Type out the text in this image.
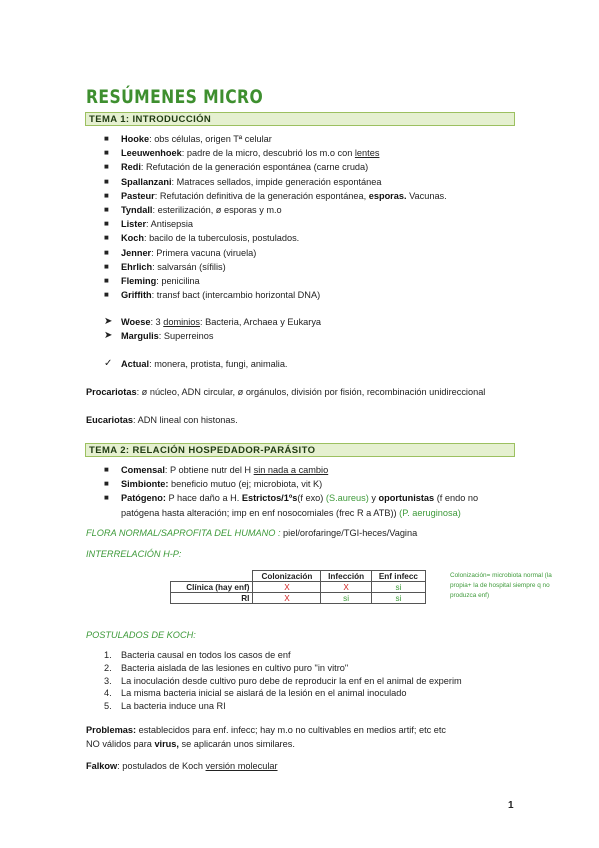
RESÚMENES MICRO
TEMA 1: INTRODUCCIÓN
■ Hooke: obs células, origen Tª celular
■ Leeuwenhoek: padre de la micro, descubrió los m.o con lentes
■ Redi: Refutación de la generación espontánea (carne cruda)
■ Spallanzani: Matraces sellados, impide generación espontánea
■ Pasteur: Refutación definitiva de la generación espontánea, esporas. Vacunas.
■ Tyndall: esterilización, ø esporas y m.o
■ Lister: Antisepsia
■ Koch: bacilo de la tuberculosis, postulados.
■ Jenner: Primera vacuna (viruela)
■ Ehrlich: salvarsán (sífilis)
■ Fleming: penicilina
■ Griffith: transf bact (intercambio horizontal DNA)
➤ Woese: 3 dominios: Bacteria, Archaea y Eukarya
➤ Margulis: Superreinos
✓ Actual: monera, protista, fungi, animalia.
Procariotas: ø núcleo, ADN circular, ø orgánulos, división por fisión, recombinación unidireccional
Eucariotas: ADN lineal con histonas.
TEMA 2: RELACIÓN HOSPEDADOR-PARÁSITO
■ Comensal: P obtiene nutr del H sin nada a cambio
■ Simbionte: beneficio mutuo (ej; microbiota, vit K)
■ Patógeno: P hace daño a H. Estrictos/1ºs(f exo) (S.aureus) y oportunistas (f endo no
patógena hasta alteración; imp en enf nosocomiales (frec R a ATB)) (P. aeruginosa)
FLORA NORMAL/SAPROFITA DEL HUMANO : piel/orofaringe/TGI-heces/Vagina
INTERRELACIÓN H-P:
	Colonización	Infección	Enf infecc
Clínica (hay enf)	X	X	si
RI	X	si	si
Colonización= microbiota normal (la propia+ la de hospital siempre q no produzca enf)
POSTULADOS DE KOCH:
1. Bacteria causal en todos los casos de enf
2. Bacteria aislada de las lesiones en cultivo puro "in vitro"
3. La inoculación desde cultivo puro debe de reproducir la enf en el animal de experim
4. La misma bacteria inicial se aislará de la lesión en el animal inoculado
5. La bacteria induce una RI
Problemas: establecidos para enf. infecc; hay m.o no cultivables en medios artif; etc etc
NO válidos para virus, se aplicarán unos similares.
Falkow: postulados de Koch versión molecular
1
